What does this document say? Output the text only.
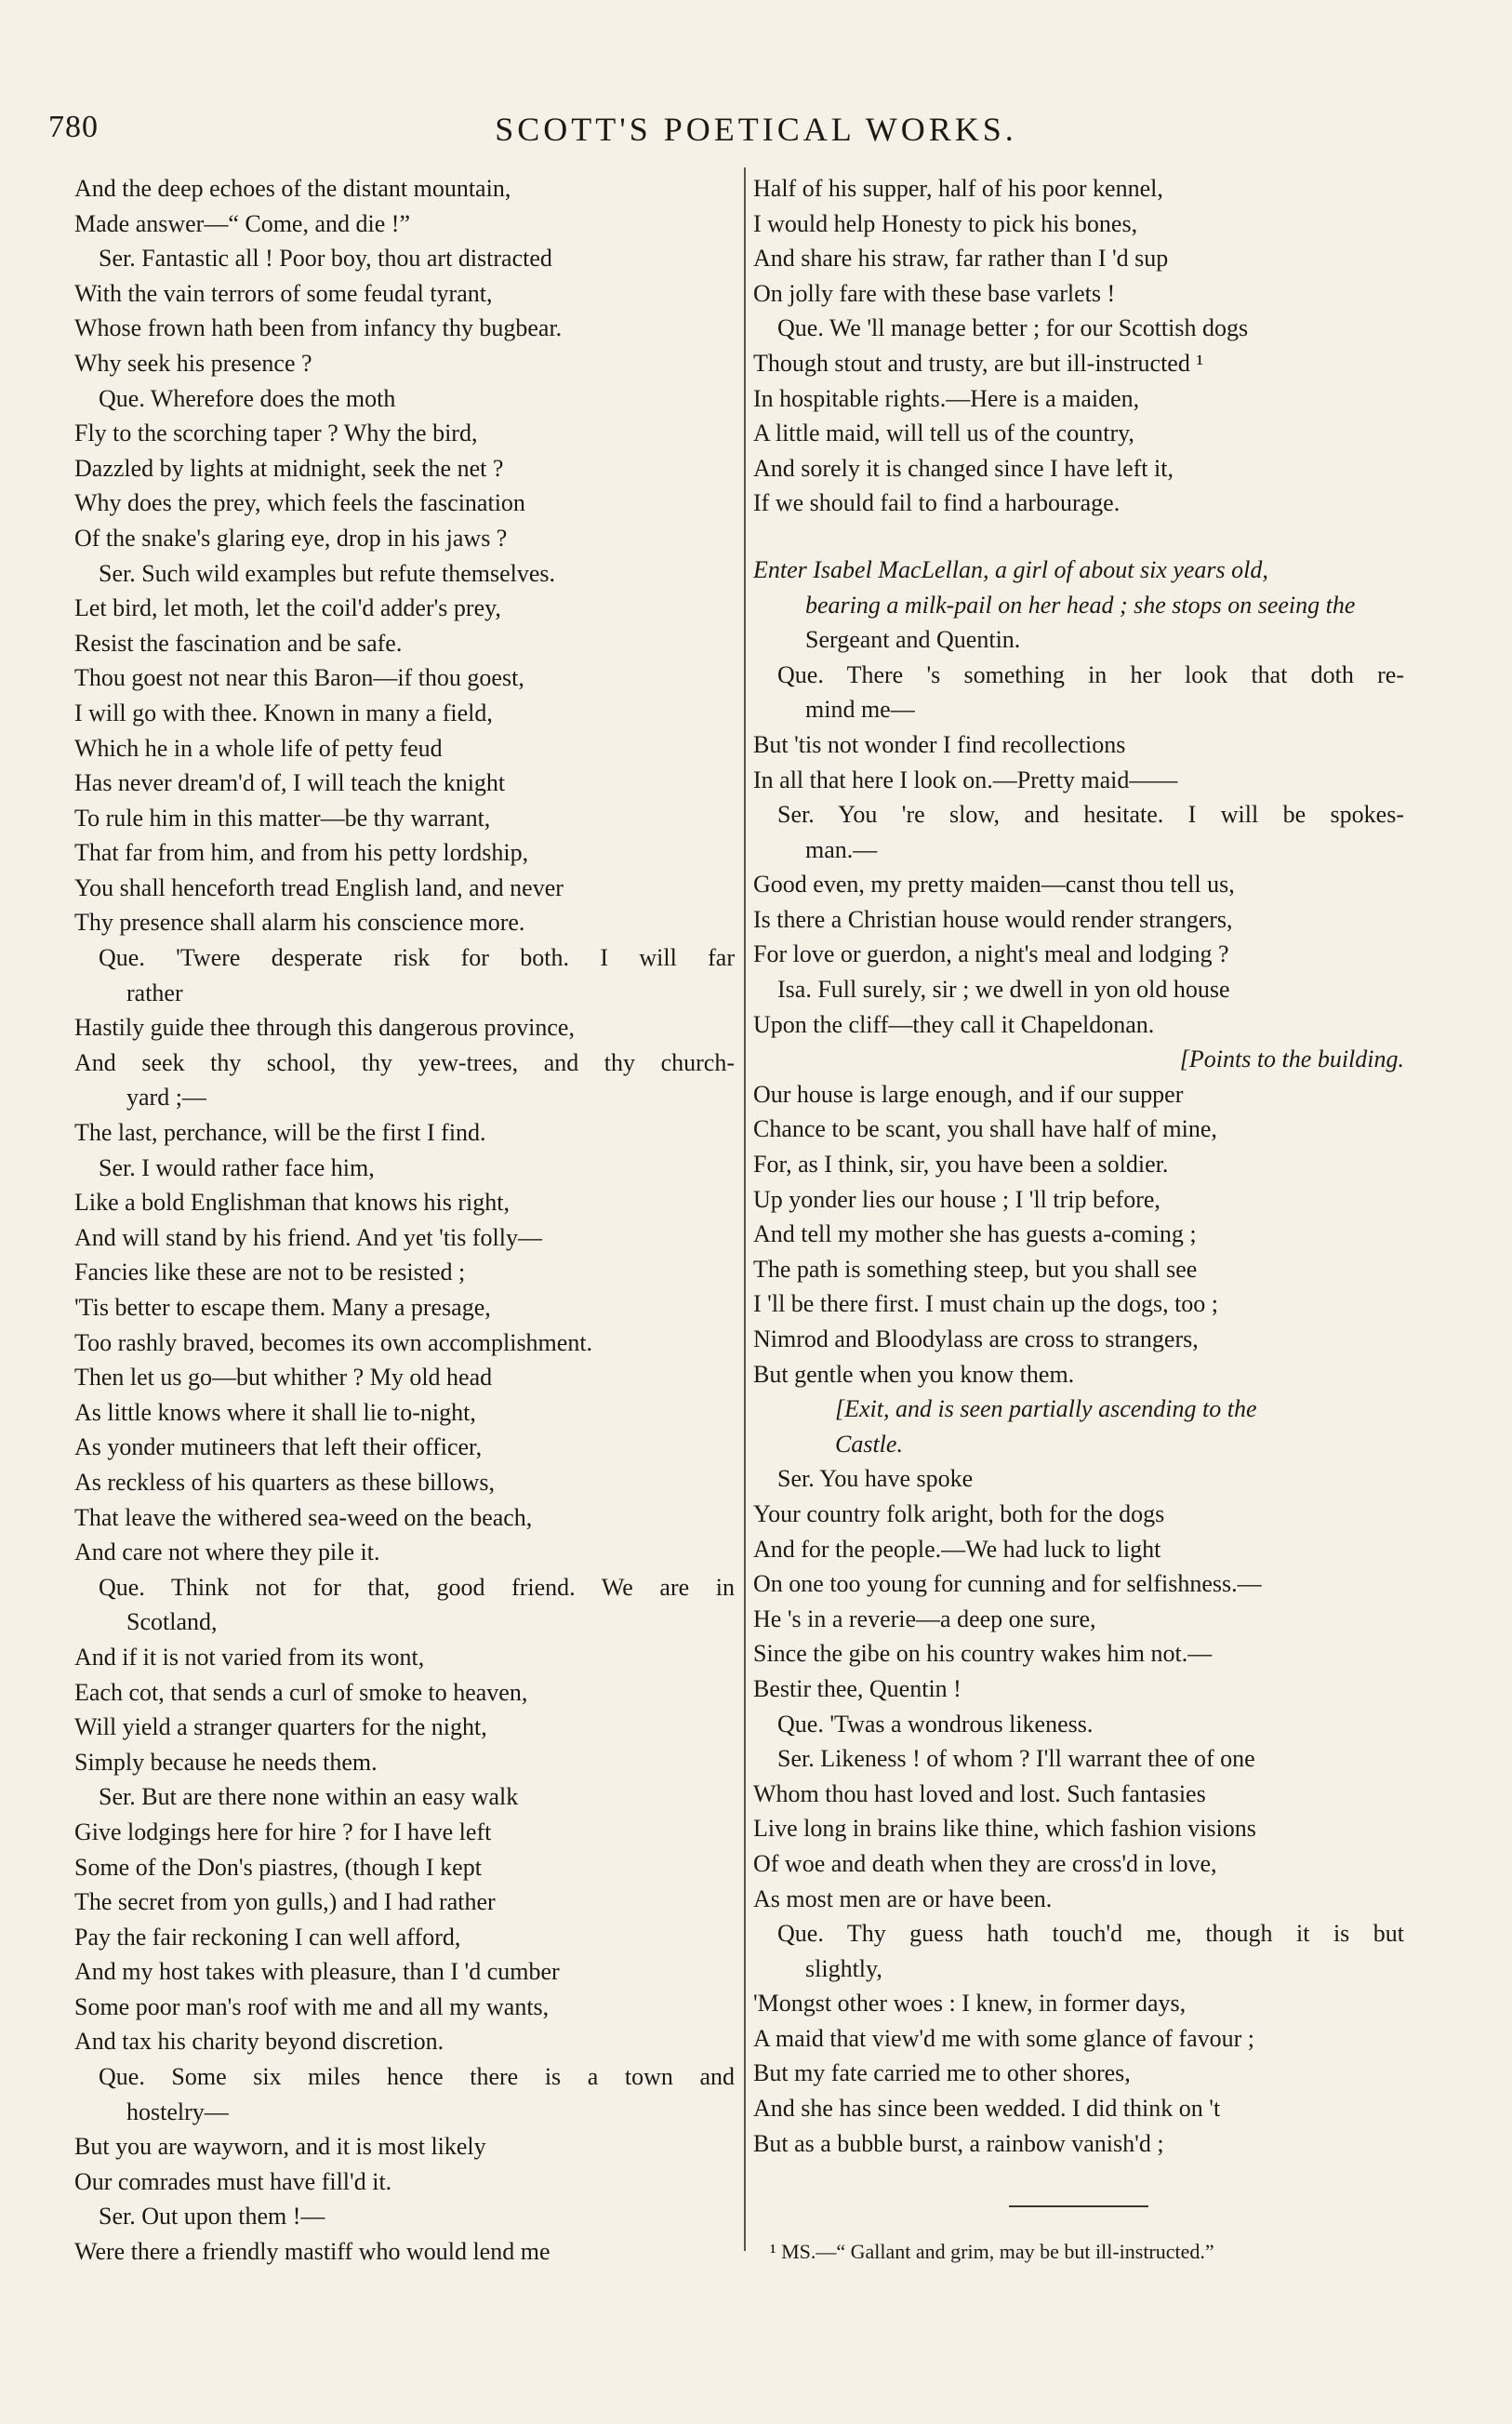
780	SCOTT'S POETICAL WORKS.
And the deep echoes of the distant mountain,
Made answer—“ Come, and die !”
Ser. Fantastic all ! Poor boy, thou art distracted
With the vain terrors of some feudal tyrant,
Whose frown hath been from infancy thy bugbear.
Why seek his presence ?
Que. Wherefore does the moth
Fly to the scorching taper ? Why the bird,
Dazzled by lights at midnight, seek the net ?
Why does the prey, which feels the fascination
Of the snake's glaring eye, drop in his jaws ?
Ser. Such wild examples but refute themselves.
Let bird, let moth, let the coil'd adder's prey,
Resist the fascination and be safe.
Thou goest not near this Baron—if thou goest,
I will go with thee. Known in many a field,
Which he in a whole life of petty feud
Has never dream'd of, I will teach the knight
To rule him in this matter—be thy warrant,
That far from him, and from his petty lordship,
You shall henceforth tread English land, and never
Thy presence shall alarm his conscience more.
Que. 'Twere desperate risk for both. I will far
rather
Hastily guide thee through this dangerous province,
And seek thy school, thy yew-trees, and thy church-
yard ;—
The last, perchance, will be the first I find.
Ser. I would rather face him,
Like a bold Englishman that knows his right,
And will stand by his friend. And yet 'tis folly—
Fancies like these are not to be resisted ;
'Tis better to escape them. Many a presage,
Too rashly braved, becomes its own accomplishment.
Then let us go—but whither ? My old head
As little knows where it shall lie to-night,
As yonder mutineers that left their officer,
As reckless of his quarters as these billows,
That leave the withered sea-weed on the beach,
And care not where they pile it.
Que. Think not for that, good friend. We are in
Scotland,
And if it is not varied from its wont,
Each cot, that sends a curl of smoke to heaven,
Will yield a stranger quarters for the night,
Simply because he needs them.
Ser. But are there none within an easy walk
Give lodgings here for hire ? for I have left
Some of the Don's piastres, (though I kept
The secret from yon gulls,) and I had rather
Pay the fair reckoning I can well afford,
And my host takes with pleasure, than I 'd cumber
Some poor man's roof with me and all my wants,
And tax his charity beyond discretion.
Que. Some six miles hence there is a town and
hostelry—
But you are wayworn, and it is most likely
Our comrades must have fill'd it.
Ser. Out upon them !—
Were there a friendly mastiff who would lend me
Half of his supper, half of his poor kennel,
I would help Honesty to pick his bones,
And share his straw, far rather than I 'd sup
On jolly fare with these base varlets !
Que. We 'll manage better ; for our Scottish dogs
Though stout and trusty, are but ill-instructed ¹
In hospitable rights.—Here is a maiden,
A little maid, will tell us of the country,
And sorely it is changed since I have left it,
If we should fail to find a harbourage.
Enter Isabel MacLellan, a girl of about six years old,
bearing a milk-pail on her head ; she stops on seeing the
Sergeant and Quentin.
Que. There 's something in her look that doth re-
mind me—
But 'tis not wonder I find recollections
In all that here I look on.—Pretty maid——
Ser. You 're slow, and hesitate. I will be spokes-
man.—
Good even, my pretty maiden—canst thou tell us,
Is there a Christian house would render strangers,
For love or guerdon, a night's meal and lodging ?
Isa. Full surely, sir ; we dwell in yon old house
Upon the cliff—they call it Chapeldonan.
[Points to the building.
Our house is large enough, and if our supper
Chance to be scant, you shall have half of mine,
For, as I think, sir, you have been a soldier.
Up yonder lies our house ; I 'll trip before,
And tell my mother she has guests a-coming ;
The path is something steep, but you shall see
I 'll be there first. I must chain up the dogs, too ;
Nimrod and Bloodylass are cross to strangers,
But gentle when you know them.
[Exit, and is seen partially ascending to the
Castle.
Ser. You have spoke
Your country folk aright, both for the dogs
And for the people.—We had luck to light
On one too young for cunning and for selfishness.—
He 's in a reverie—a deep one sure,
Since the gibe on his country wakes him not.—
Bestir thee, Quentin !
Que. 'Twas a wondrous likeness.
Ser. Likeness ! of whom ? I'll warrant thee of one
Whom thou hast loved and lost. Such fantasies
Live long in brains like thine, which fashion visions
Of woe and death when they are cross'd in love,
As most men are or have been.
Que. Thy guess hath touch'd me, though it is but
slightly,
'Mongst other woes : I knew, in former days,
A maid that view'd me with some glance of favour ;
But my fate carried me to other shores,
And she has since been wedded. I did think on 't
But as a bubble burst, a rainbow vanish'd ;
¹ MS.—“ Gallant and grim, may be but ill-instructed.”
